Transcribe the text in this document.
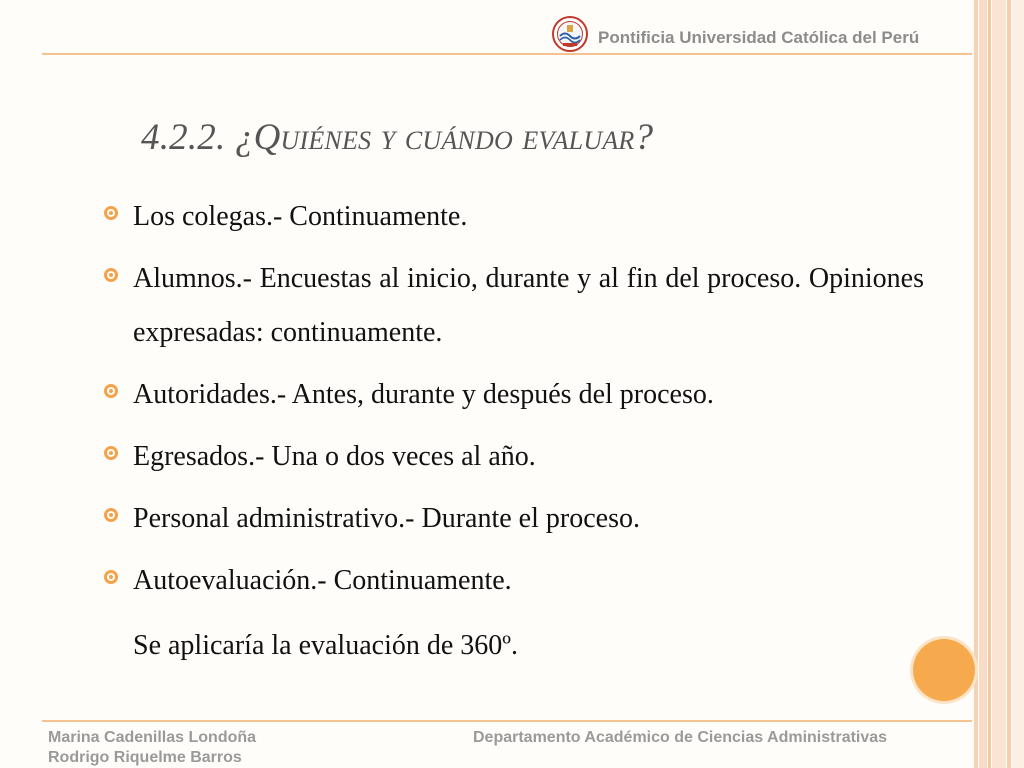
Pontificia Universidad Católica del Perú
4.2.2. ¿Quiénes y cuándo evaluar?
Los colegas.- Continuamente.
Alumnos.- Encuestas al inicio, durante y al fin del proceso. Opiniones expresadas: continuamente.
Autoridades.- Antes, durante y después del proceso.
Egresados.- Una o dos veces al año.
Personal administrativo.- Durante el proceso.
Autoevaluación.- Continuamente.
Se aplicaría la evaluación de 360º.
Marina Cadenillas Londoña
Rodrigo Riquelme Barros
Departamento Académico de Ciencias Administrativas
